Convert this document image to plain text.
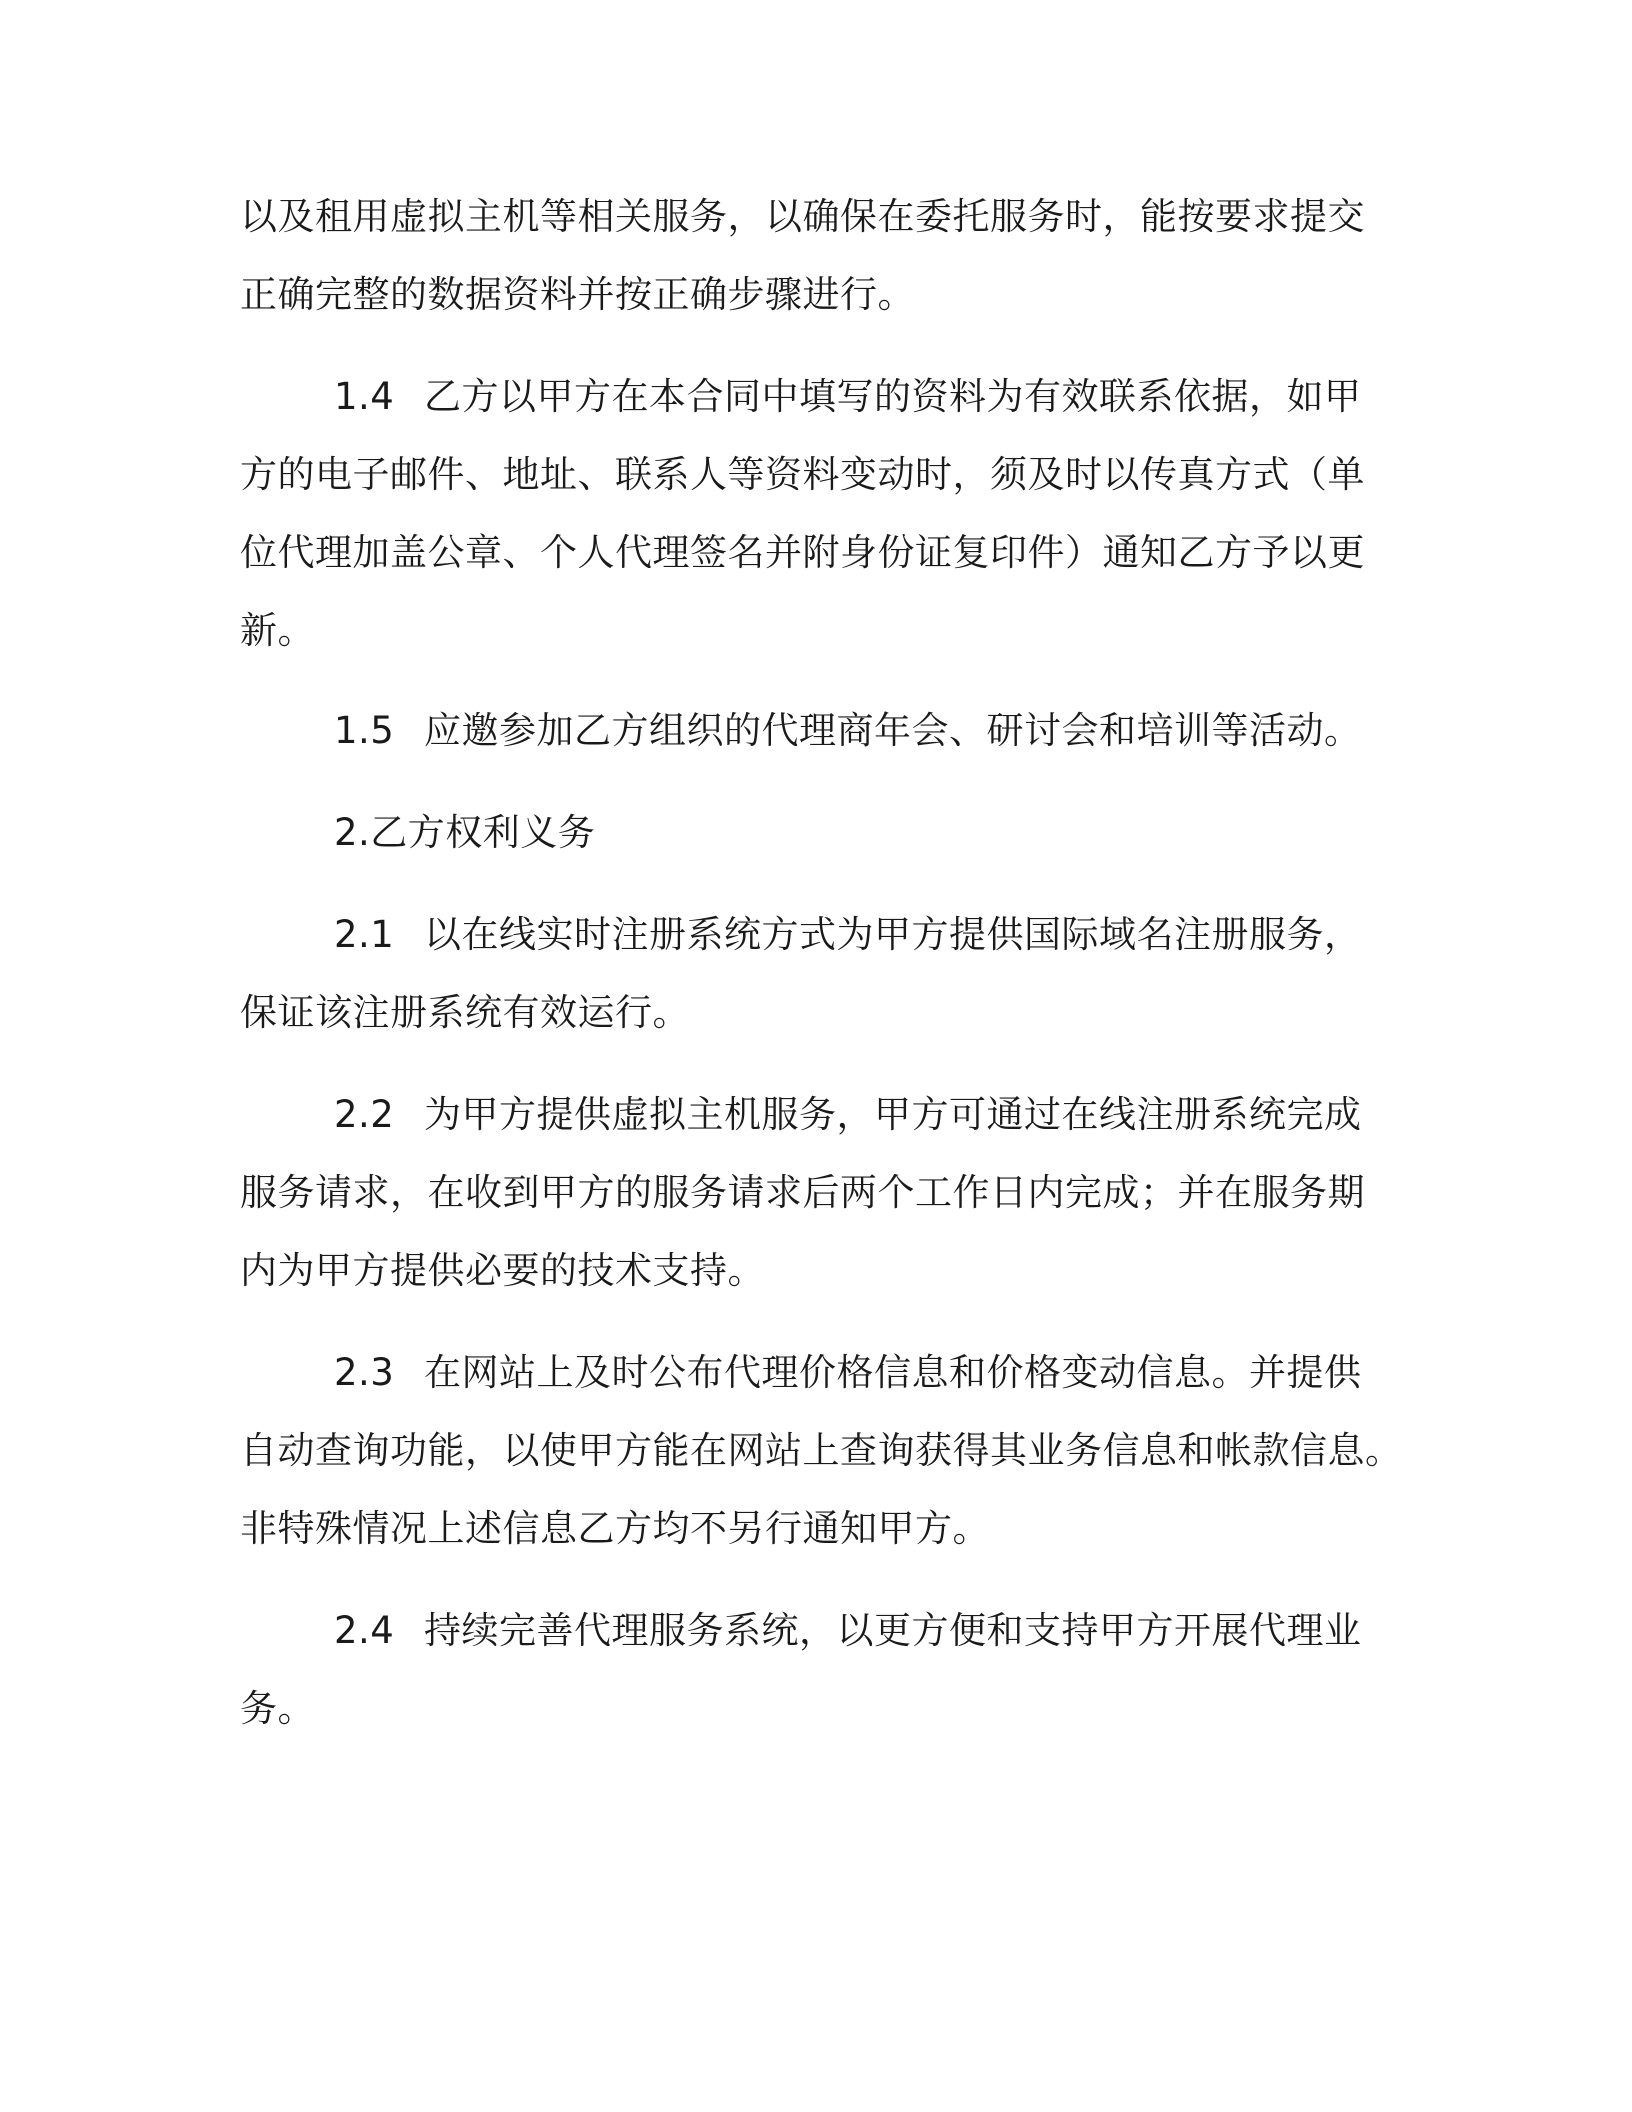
以及租用虚拟主机等相关服务，以确保在委托服务时，能按要求提交
正确完整的数据资料并按正确步骤进行。
1.4 乙方以甲方在本合同中填写的资料为有效联系依据，如甲
方的电子邮件、地址、联系人等资料变动时，须及时以传真方式（单
位代理加盖公章、个人代理签名并附身份证复印件）通知乙方予以更
新。
1.5 应邀参加乙方组织的代理商年会、研讨会和培训等活动。
2.乙方权利义务
2.1 以在线实时注册系统方式为甲方提供国际域名注册服务，
保证该注册系统有效运行。
2.2 为甲方提供虚拟主机服务，甲方可通过在线注册系统完成
服务请求，在收到甲方的服务请求后两个工作日内完成；并在服务期
内为甲方提供必要的技术支持。
2.3 在网站上及时公布代理价格信息和价格变动信息。并提供
自动查询功能，以使甲方能在网站上查询获得其业务信息和帐款信息。
非特殊情况上述信息乙方均不另行通知甲方。
2.4 持续完善代理服务系统，以更方便和支持甲方开展代理业
务。
